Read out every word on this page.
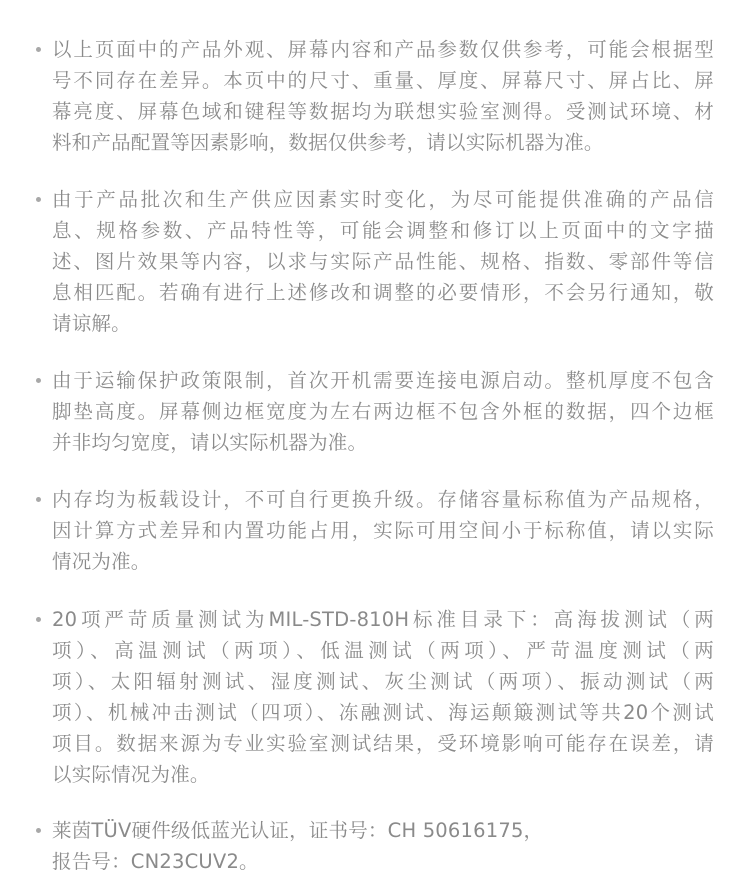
以上页面中的产品外观、屏幕内容和产品参数仅供参考，可能会根据型
号不同存在差异。本页中的尺寸、重量、厚度、屏幕尺寸、屏占比、屏
幕亮度、屏幕色域和键程等数据均为联想实验室测得。受测试环境、材
料和产品配置等因素影响，数据仅供参考，请以实际机器为准。
由于产品批次和生产供应因素实时变化，为尽可能提供准确的产品信
息、规格参数、产品特性等，可能会调整和修订以上页面中的文字描
述、图片效果等内容，以求与实际产品性能、规格、指数、零部件等信
息相匹配。若确有进行上述修改和调整的必要情形，不会另行通知，敬
请谅解。
由于运输保护政策限制，首次开机需要连接电源启动。整机厚度不包含
脚垫高度。屏幕侧边框宽度为左右两边框不包含外框的数据，四个边框
并非均匀宽度，请以实际机器为准。
内存均为板载设计，不可自行更换升级。存储容量标称值为产品规格，
因计算方式差异和内置功能占用，实际可用空间小于标称值，请以实际
情况为准。
20项严苛质量测试为MIL-STD-810H标准目录下：高海拔测试（两
项）、高温测试（两项）、低温测试（两项）、严苛温度测试（两
项）、太阳辐射测试、湿度测试、灰尘测试（两项）、振动测试（两
项）、机械冲击测试（四项）、冻融测试、海运颠簸测试等共20个测试
项目。数据来源为专业实验室测试结果，受环境影响可能存在误差，请
以实际情况为准。
莱茵TÜV硬件级低蓝光认证，证书号：CH 50616175，
报告号：CN23CUV2。
